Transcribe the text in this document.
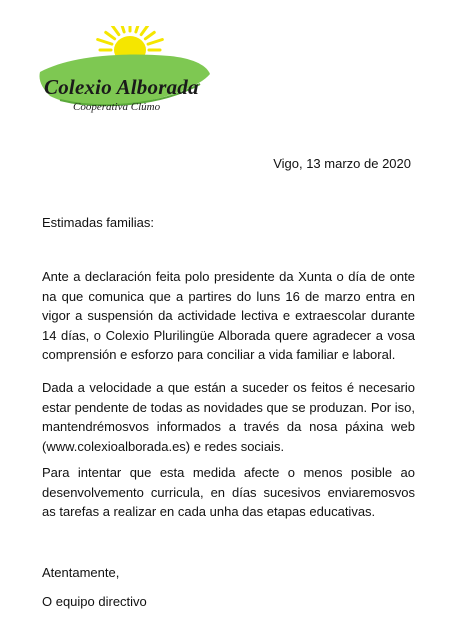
Colexio Alborada
Cooperativa Clúmo
Vigo, 13 marzo de 2020

Estimadas familias:

Ante a declaración feita polo presidente da Xunta o día de onte na que comunica que a partires do luns 16 de marzo entra en vigor a suspensión da actividade lectiva e extraescolar durante 14 días, o Colexio Plurilingüe Alborada quere agradecer a vosa comprensión e esforzo para conciliar a vida familiar e laboral.

Dada a velocidade a que están a suceder os feitos é necesario estar pendente de todas as novidades que se produzan. Por iso, mantendrémosvos informados a través da nosa páxina web (www.colexioalborada.es) e redes sociais.

Para intentar que esta medida afecte o menos posible ao desenvolvemento curricula, en días sucesivos enviaremosvos as tarefas a realizar en cada unha das etapas educativas.

Atentamente,

O equipo directivo
